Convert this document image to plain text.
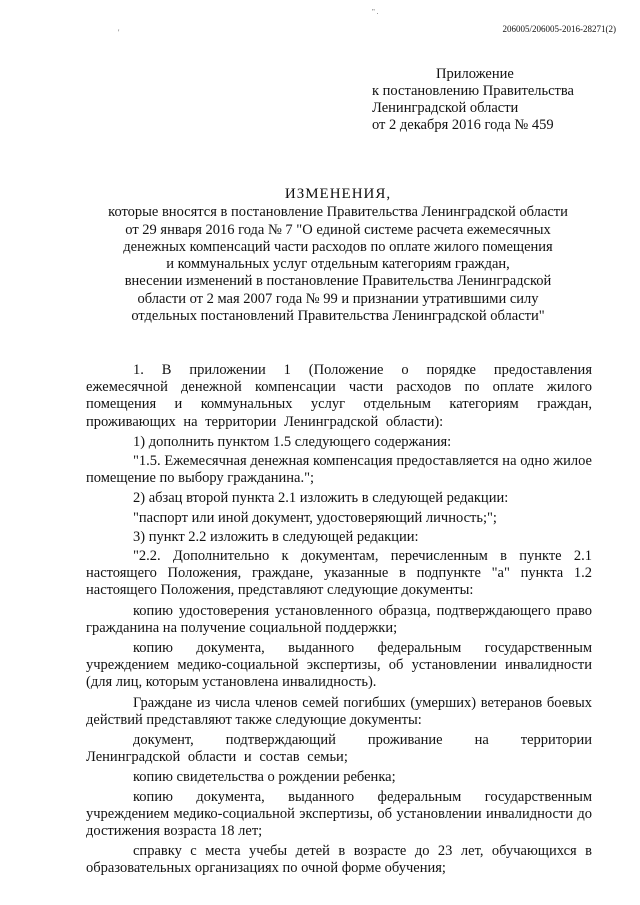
" .
'	206005/206005-2016-28271(2)
Приложение
к постановлению Правительства
Ленинградской области
от 2 декабря 2016 года № 459
ИЗМЕНЕНИЯ,
которые вносятся в постановление Правительства Ленинградской области
от 29 января 2016 года № 7 "О единой системе расчета ежемесячных
денежных компенсаций части расходов по оплате жилого помещения
и коммунальных услуг отдельным категориям граждан,
внесении изменений в постановление Правительства Ленинградской
области от 2 мая 2007 года № 99 и признании утратившими силу
отдельных постановлений Правительства Ленинградской области"

1. В приложении 1 (Положение о порядке предоставления ежемесячной денежной компенсации части расходов по оплате жилого помещения и коммунальных услуг отдельным категориям граждан, проживающих на территории Ленинградской области):

1) дополнить пунктом 1.5 следующего содержания:

"1.5. Ежемесячная денежная компенсация предоставляется на одно жилое помещение по выбору гражданина.";

2) абзац второй пункта 2.1 изложить в следующей редакции:

"паспорт или иной документ, удостоверяющий личность;";

3) пункт 2.2 изложить в следующей редакции:

"2.2. Дополнительно к документам, перечисленным в пункте 2.1 настоящего Положения, граждане, указанные в подпункте "а" пункта 1.2 настоящего Положения, представляют следующие документы:

копию удостоверения установленного образца, подтверждающего право гражданина на получение социальной поддержки;

копию документа, выданного федеральным государственным учреждением медико-социальной экспертизы, об установлении инвалидности (для лиц, которым установлена инвалидность).

Граждане из числа членов семей погибших (умерших) ветеранов боевых действий представляют также следующие документы:

документ, подтверждающий проживание на территории Ленинградской области и состав семьи;

копию свидетельства о рождении ребенка;

копию документа, выданного федеральным государственным учреждением медико-социальной экспертизы, об установлении инвалидности до достижения возраста 18 лет;

справку с места учебы детей в возрасте до 23 лет, обучающихся в образовательных организациях по очной форме обучения;
